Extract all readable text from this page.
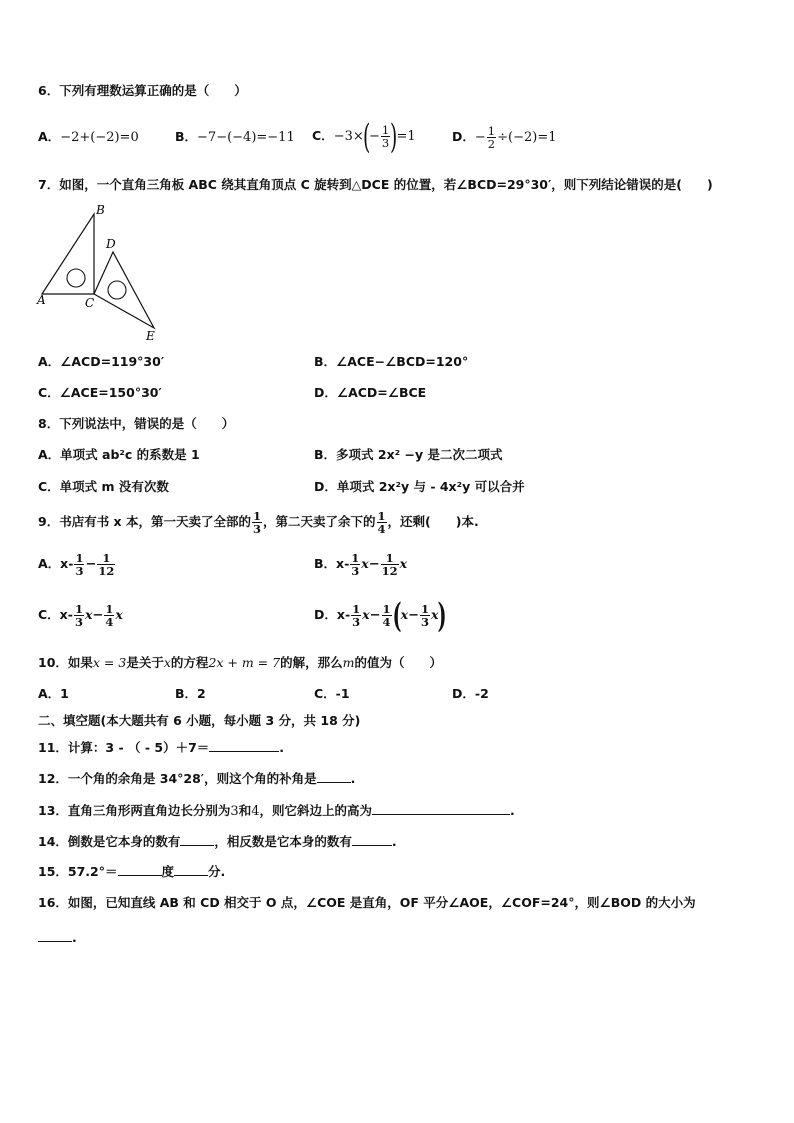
6．下列有理数运算正确的是（　　）
A．−2+(−2)=0	B．−7−(−4)=−11 C．$-3\times(- \frac{1}{3} )=1$	D．− $\frac{1}{2} \div(-2)=1$
7．如图，一个直角三角板 ABC 绕其直角顶点 C 旋转到△DCE 的位置，若∠BCD=29°30′，则下列结论错误的是(　　)
B
D
A	C
E
A．∠ACD=119°30′	B．∠ACE−∠BCD=120°
C．∠ACE=150°30′	D．∠ACD=∠BCE
8．下列说法中，错误的是（　　）
A．单项式 ab²c 的系数是 1	B．多项式 2x² −y 是二次二项式
C．单项式 m 没有次数	D．单项式 2x²y 与 - 4x²y 可以合并
9．书店有书 x 本，第一天卖了全部的 $\frac{1}{3}$ ，第二天卖了余下的 $\frac{1}{4}$ ，还剩(　　)本.
A．$x- \frac{1}{3} - \frac{1}{12}$	B．$x- \frac{1}{3} x- \frac{1}{12}$ x
C．$x- \frac{1}{3} x- \frac{1}{4}$ x	D．$x- \frac{1}{3} x- \frac{1}{4} (x- \frac{1}{3} x)$
10．如果x = 3是关于x的方程2x + m = 7的解，那么m的值为（　　）
A．1	B．2	C．-1	D．-2
二、填空题(本大题共有 6 小题，每小题 3 分，共 18 分)
11．计算：3 - （ - 5）＋7＝	.
12．一个角的余角是 34°28′，则这个角的补角是	.
13．直角三角形两直角边长分别为3和4，则它斜边上的高为	.
14．倒数是它本身的数有	，相反数是它本身的数有	.
15．57.2°＝	度	分.
16．如图，已知直线 AB 和 CD 相交于 O 点，∠COE 是直角，OF 平分∠AOE，∠COF=24°，则∠BOD 的大小为
.
